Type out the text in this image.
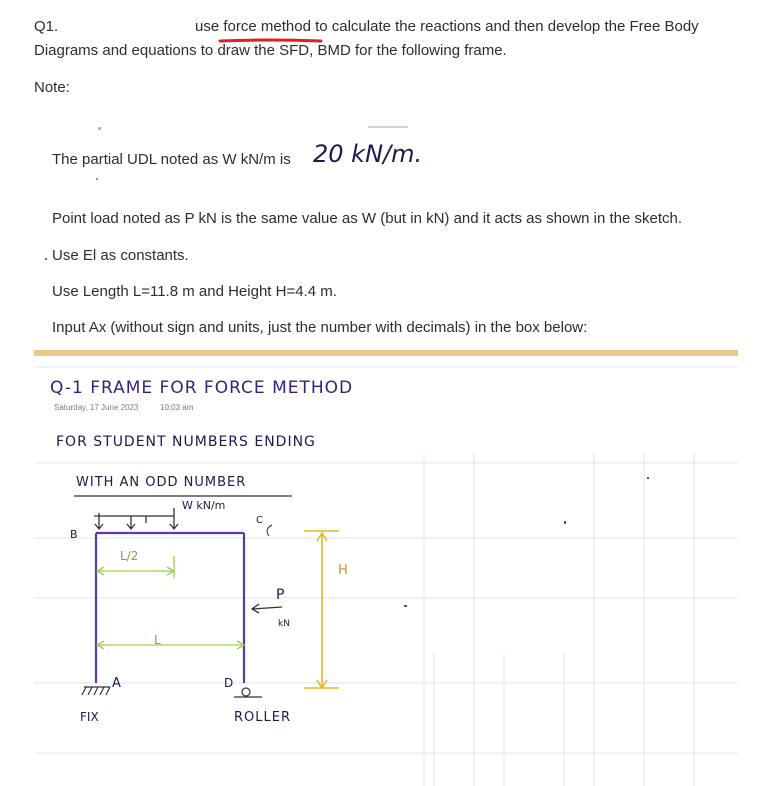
Q1.	use force method to calculate the reactions and then develop the Free Body
Diagrams and equations to draw the SFD, BMD for the following frame.
Note:
The partial UDL noted as W kN/m is 20 kN/m.
Point load noted as P kN is the same value as W (but in kN) and it acts as shown in the sketch.
Use El as constants.
Use Length L=11.8 m and Height H=4.4 m.
Input Ax (without sign and units, just the number with decimals) in the box below:
Q-1 FRAME FOR FORCE METHOD
Saturday, 17 June 2023	10:03 am
FOR STUDENT NUMBERS ENDING
WITH AN ODD NUMBER
W kN/m
B
C
L/2
H
P
kN
L
A	D
FIX	ROLLER
